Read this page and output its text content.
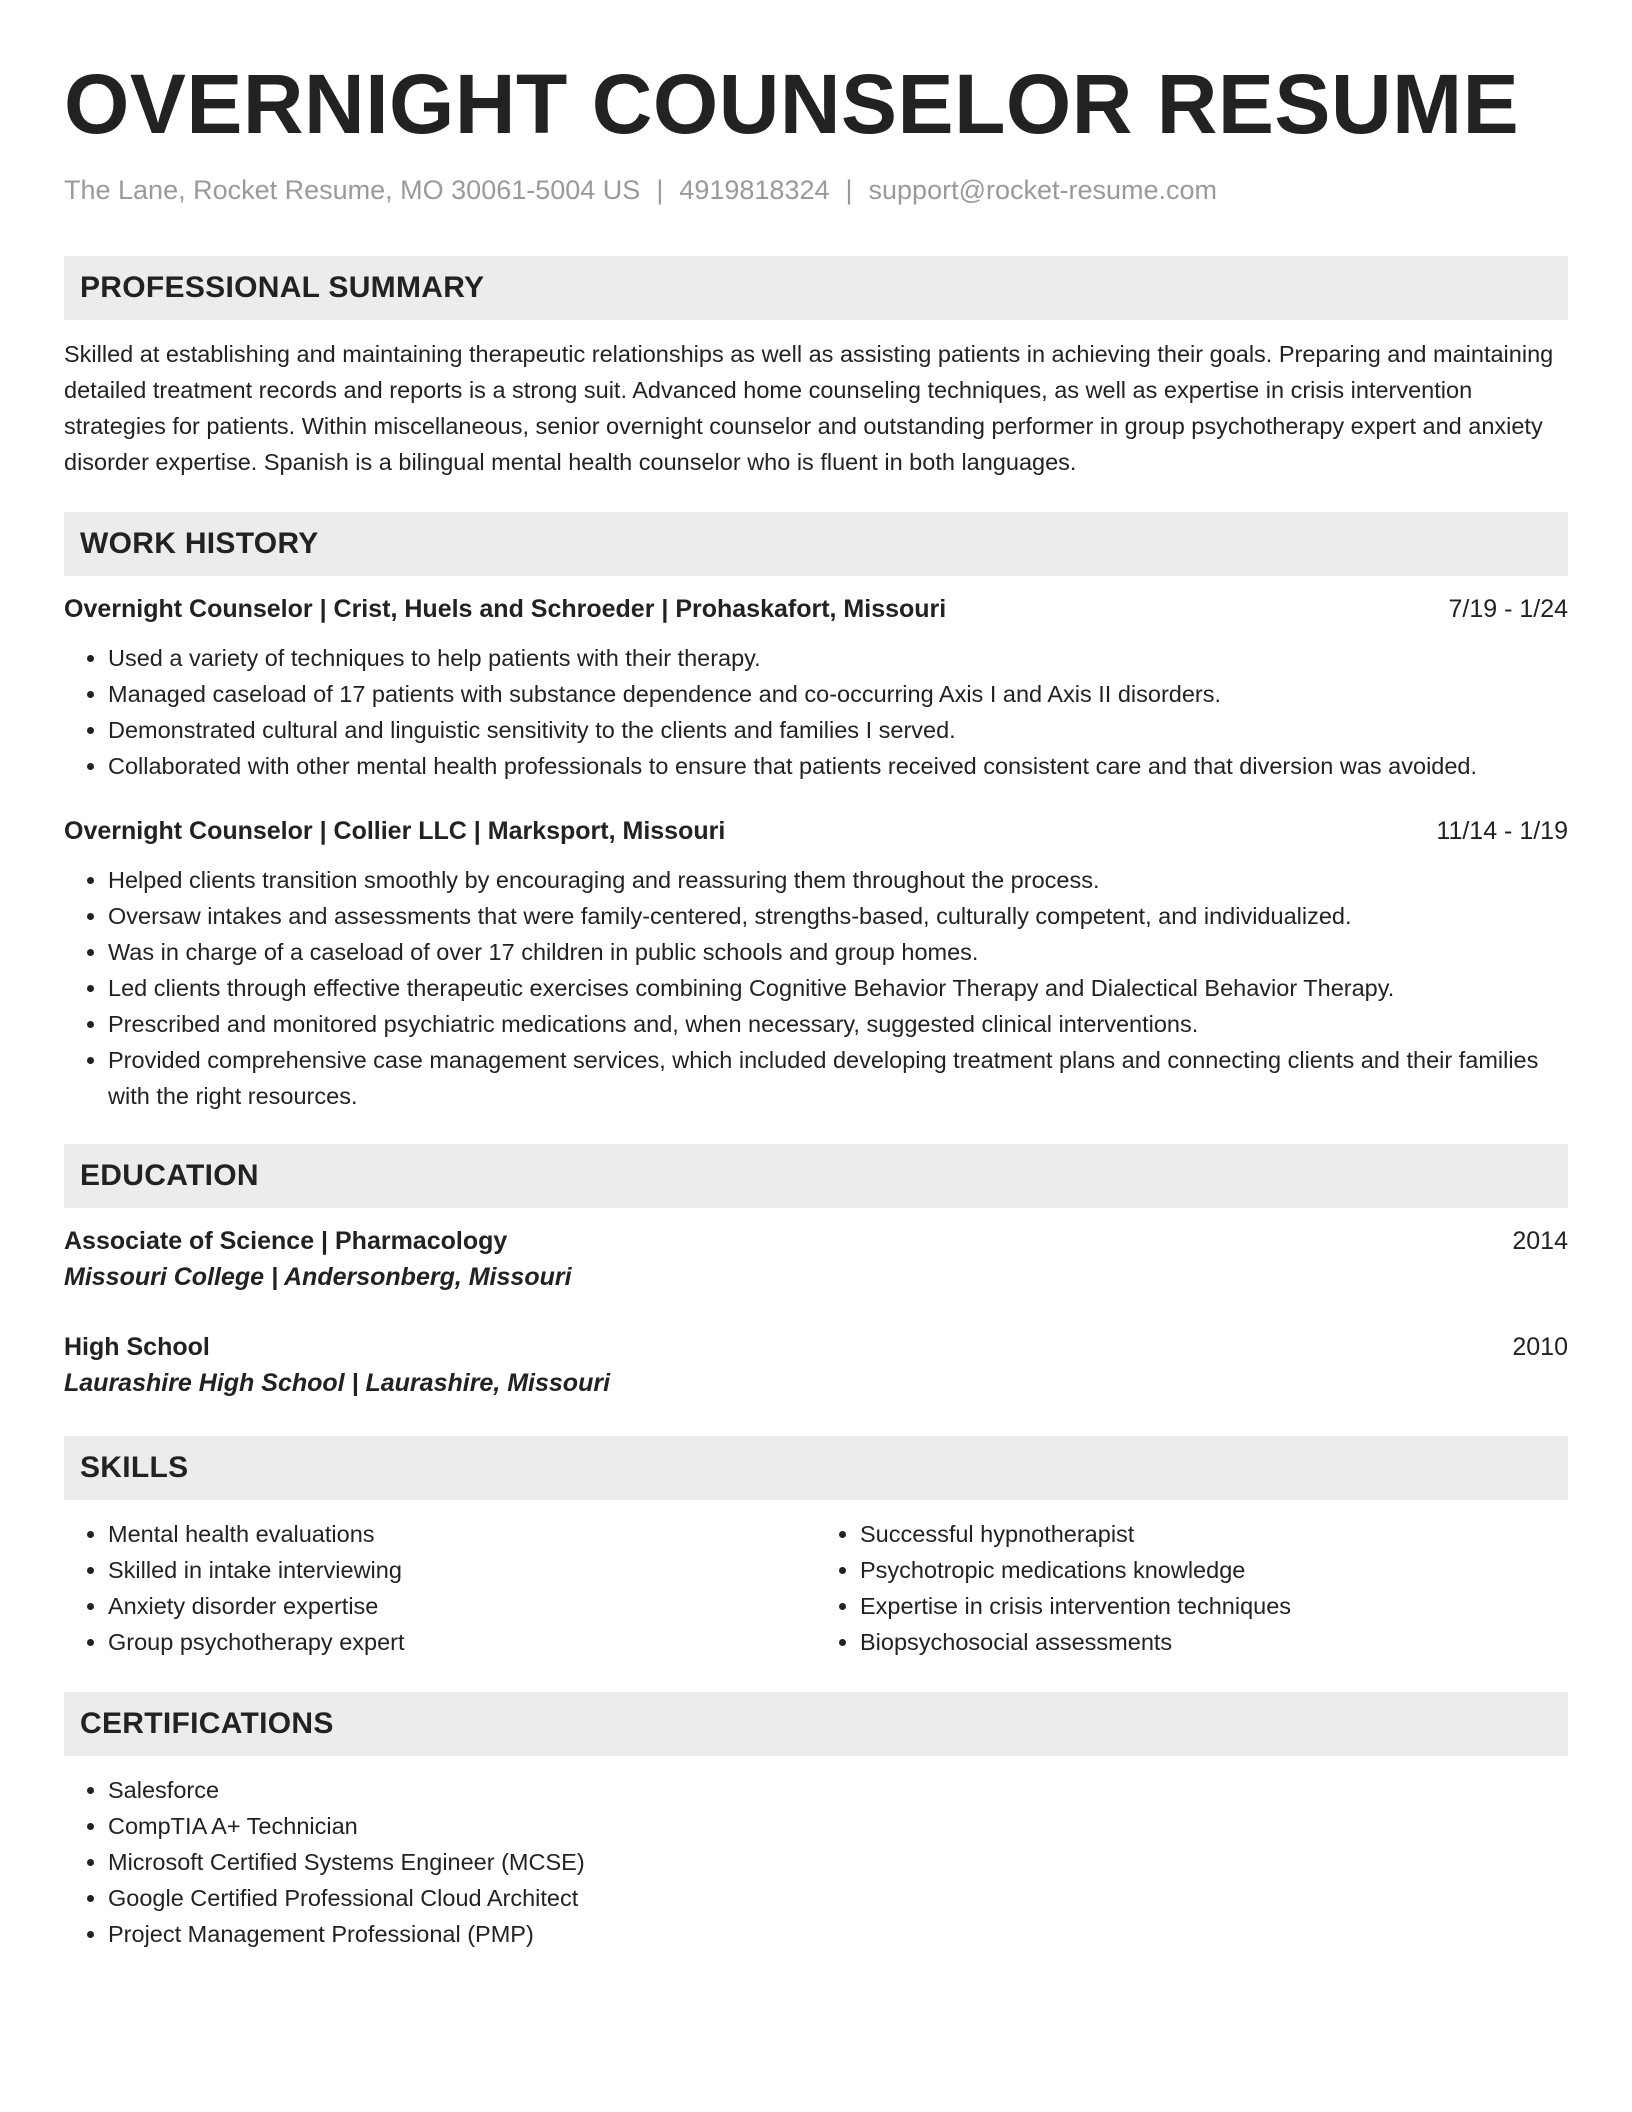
OVERNIGHT COUNSELOR RESUME
The Lane, Rocket Resume, MO 30061-5004 US | 4919818324 | support@rocket-resume.com
PROFESSIONAL SUMMARY

Skilled at establishing and maintaining therapeutic relationships as well as assisting patients in achieving their goals. Preparing and maintaining detailed treatment records and reports is a strong suit. Advanced home counseling techniques, as well as expertise in crisis intervention strategies for patients. Within miscellaneous, senior overnight counselor and outstanding performer in group psychotherapy expert and anxiety disorder expertise. Spanish is a bilingual mental health counselor who is fluent in both languages.

WORK HISTORY
Overnight Counselor | Crist, Huels and Schroeder | Prohaskafort, Missouri	7/19 - 1/24
• Used a variety of techniques to help patients with their therapy.
• Managed caseload of 17 patients with substance dependence and co-occurring Axis I and Axis II disorders.
• Demonstrated cultural and linguistic sensitivity to the clients and families I served.
• Collaborated with other mental health professionals to ensure that patients received consistent care and that diversion was avoided.
Overnight Counselor | Collier LLC | Marksport, Missouri	11/14 - 1/19
• Helped clients transition smoothly by encouraging and reassuring them throughout the process.
• Oversaw intakes and assessments that were family-centered, strengths-based, culturally competent, and individualized.
• Was in charge of a caseload of over 17 children in public schools and group homes.
• Led clients through effective therapeutic exercises combining Cognitive Behavior Therapy and Dialectical Behavior Therapy.
• Prescribed and monitored psychiatric medications and, when necessary, suggested clinical interventions.
• Provided comprehensive case management services, which included developing treatment plans and connecting clients and their families with the right resources.
EDUCATION
Associate of Science | Pharmacology	2014
Missouri College | Andersonberg, Missouri
High School	2010
Laurashire High School | Laurashire, Missouri
SKILLS
• Mental health evaluations
• Skilled in intake interviewing
• Anxiety disorder expertise
• Group psychotherapy expert
• Successful hypnotherapist
• Psychotropic medications knowledge
• Expertise in crisis intervention techniques
• Biopsychosocial assessments
CERTIFICATIONS
• Salesforce
• CompTIA A+ Technician
• Microsoft Certified Systems Engineer (MCSE)
• Google Certified Professional Cloud Architect
• Project Management Professional (PMP)
